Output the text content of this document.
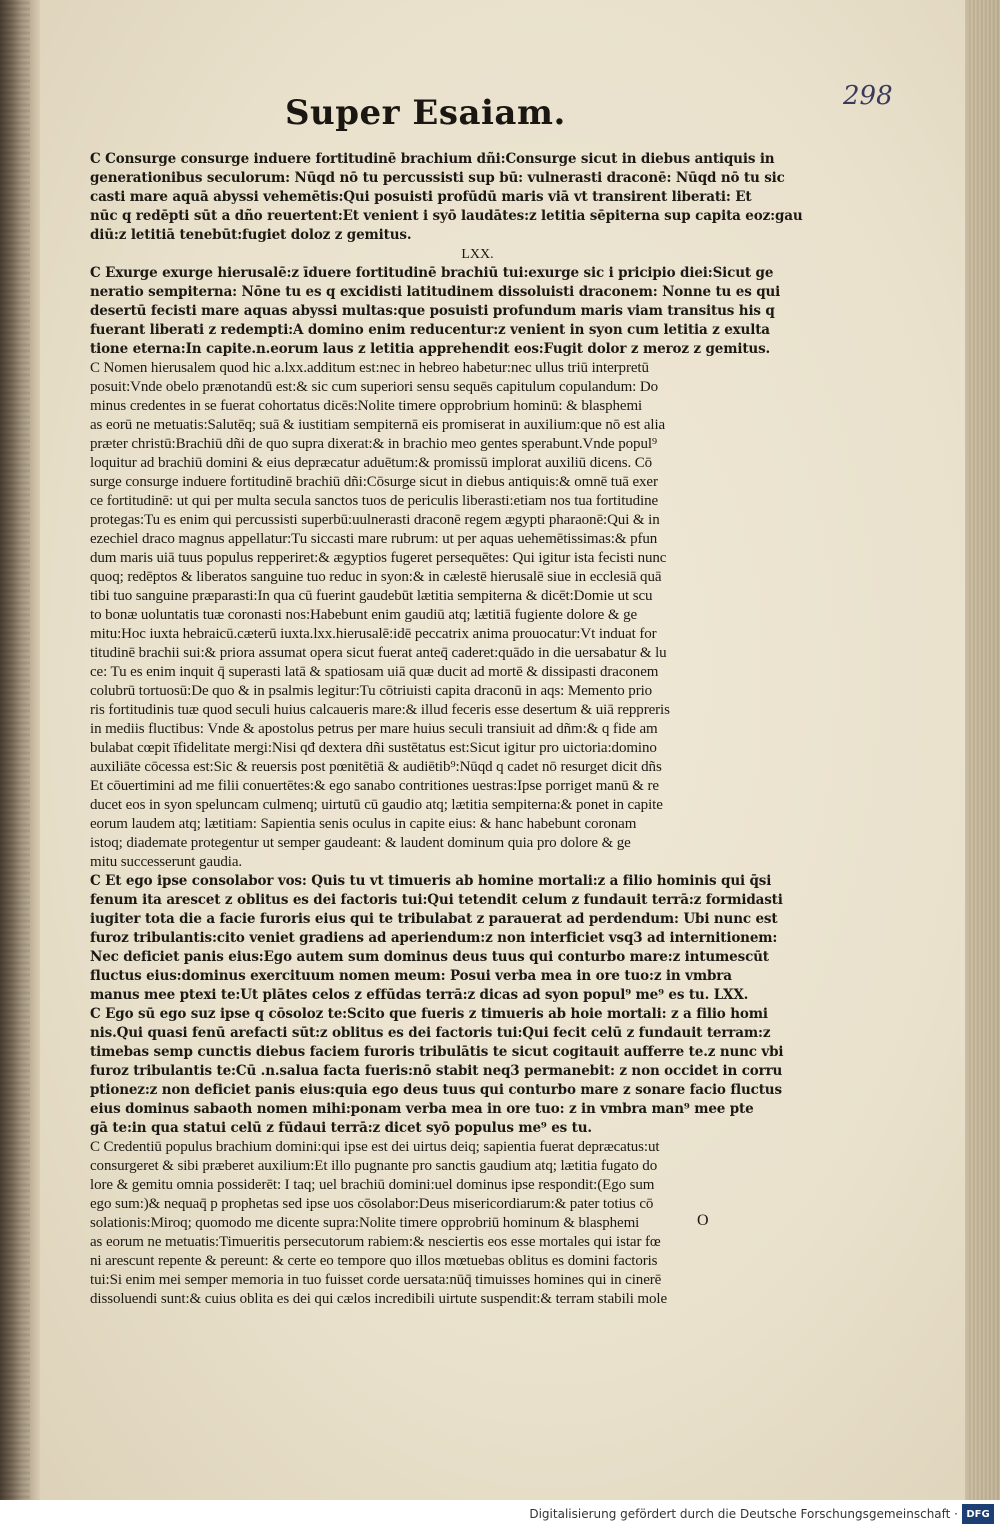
298
Super Esaiam.
C Consurge consurge induere fortitudinē brachium dñi:Consurge sicut in diebus antiquis in
generationibus seculorum: Nūqd nō tu percussisti sup bū: vulnerasti draconē: Nūqd nō tu sic
casti mare aquā abyssi vehemētis:Qui posuisti profūdū maris viā vt transirent liberati: Et
nūc q redēpti sūt a dño reuertent:Et venient i syō laudātes:z letitia sēpiterna sup capita eoz:gau
diū:z letitiā tenebūt:fugiet doloz z gemitus.
LXX.
C Exurge exurge hierusalē:z īduere fortitudinē brachiū tui:exurge sic i pricipio diei:Sicut ge
neratio sempiterna: Nōne tu es q excidisti latitudinem dissoluisti draconem: Nonne tu es qui
desertū fecisti mare aquas abyssi multas:que posuisti profundum maris viam transitus his q
fuerant liberati z redempti:A domino enim reducentur:z venient in syon cum letitia z exulta
tione eterna:In capite.n.eorum laus z letitia apprehendit eos:Fugit dolor z meroz z gemitus.
C Nomen hierusalem quod hic a.lxx.additum est:nec in hebreo habetur:nec ullus triū interpretū
posuit:Vnde obelo prænotandū est:& sic cum superiori sensu sequēs capitulum copulandum: Do
minus credentes in se fuerat cohortatus dicēs:Nolite timere opprobrium hominū: & blasphemi
as eorū ne metuatis:Salutēq; suā & iustitiam sempiternā eis promiserat in auxilium:que nō est alia
præter christū:Brachiū dñi de quo supra dixerat:& in brachio meo gentes sperabunt.Vnde popul⁹
loquitur ad brachiū domini & eius depræcatur aduētum:& promissū implorat auxiliū dicens. Cō
surge consurge induere fortitudinē brachiū dñi:Cōsurge sicut in diebus antiquis:& omnē tuā exer
ce fortitudinē: ut qui per multa secula sanctos tuos de periculis liberasti:etiam nos tua fortitudine
protegas:Tu es enim qui percussisti superbū:uulnerasti draconē regem ægypti pharaonē:Qui & in
ezechiel draco magnus appellatur:Tu siccasti mare rubrum: ut per aquas uehemētissimas:& pfun
dum maris uiā tuus populus repperiret:& ægyptios fugeret persequētes: Qui igitur ista fecisti nunc
quoq; redēptos & liberatos sanguine tuo reduc in syon:& in cælestē hierusalē siue in ecclesiā quā
tibi tuo sanguine præparasti:In qua cū fuerint gaudebūt lætitia sempiterna & dicēt:Domie ut scu
to bonæ uoluntatis tuæ coronasti nos:Habebunt enim gaudiū atq; lætitiā fugiente dolore & ge
mitu:Hoc iuxta hebraicū.cæterū iuxta.lxx.hierusalē:idē peccatrix anima prouocatur:Vt induat for
titudinē brachii sui:& priora assumat opera sicut fuerat anteq̄ caderet:quādo in die uersabatur & lu
ce: Tu es enim inquit q̄ superasti latā & spatiosam uiā quæ ducit ad mortē & dissipasti draconem
colubrū tortuosū:De quo & in psalmis legitur:Tu cōtriuisti capita draconū in aqs: Memento prio
ris fortitudinis tuæ quod seculi huius calcaueris mare:& illud feceris esse desertum & uiā reppreris
in mediis fluctibus: Vnde & apostolus petrus per mare huius seculi transiuit ad dñm:& q fide am
bulabat cœpit īfidelitate mergi:Nisi qđ dextera dñi sustētatus est:Sicut igitur pro uictoria:domino
auxiliāte cōcessa est:Sic & reuersis post pœnitētiā & audiētib⁹:Nūqd q cadet nō resurget dicit dñs
Et cōuertimini ad me filii conuertētes:& ego sanabo contritiones uestras:Ipse porriget manū & re
ducet eos in syon speluncam culmenq; uirtutū cū gaudio atq; lætitia sempiterna:& ponet in capite
eorum laudem atq; lætitiam: Sapientia senis oculus in capite eius: & hanc habebunt coronam
istoq; diademate protegentur ut semper gaudeant: & laudent dominum quia pro dolore & ge
mitu successerunt gaudia.
C Et ego ipse consolabor vos: Quis tu vt timueris ab homine mortali:z a filio hominis qui q̄si
fenum ita arescet z oblitus es dei factoris tui:Qui tetendit celum z fundauit terrā:z formidasti
iugiter tota die a facie furoris eius qui te tribulabat z parauerat ad perdendum: Ubi nunc est
furoz tribulantis:cito veniet gradiens ad aperiendum:z non interficiet vsq3 ad internitionem:
Nec deficiet panis eius:Ego autem sum dominus deus tuus qui conturbo mare:z intumescūt
fluctus eius:dominus exercituum nomen meum: Posui verba mea in ore tuo:z in vmbra
manus mee ptexi te:Ut plātes celos z effūdas terrā:z dicas ad syon popul⁹ me⁹ es tu. LXX.
C Ego sū ego suz ipse q cōsoloz te:Scito que fueris z timueris ab hoie mortali: z a filio homi
nis.Qui quasi fenū arefacti sūt:z oblitus es dei factoris tui:Qui fecit celū z fundauit terram:z
timebas semp cunctis diebus faciem furoris tribulātis te sicut cogitauit aufferre te.z nunc vbi
furoz tribulantis te:Cū .n.salua facta fueris:nō stabit neq3 permanebit: z non occidet in corru
ptionez:z non deficiet panis eius:quia ego deus tuus qui conturbo mare z sonare facio fluctus
eius dominus sabaoth nomen mihi:ponam verba mea in ore tuo: z in vmbra man⁹ mee pte
gā te:in qua statui celū z fūdaui terrā:z dicet syō populus me⁹ es tu.
C Credentiū populus brachium domini:qui ipse est dei uirtus deiq; sapientia fuerat depræcatus:ut
consurgeret & sibi præberet auxilium:Et illo pugnante pro sanctis gaudium atq; lætitia fugato do
lore & gemitu omnia possiderēt: I taq; uel brachiū domini:uel dominus ipse respondit:(Ego sum
ego sum:)& nequaq̄ p prophetas sed ipse uos cōsolabor:Deus misericordiarum:& pater totius cō
solationis:Miroq; quomodo me dicente supra:Nolite timere opprobriū hominum & blasphemi
as eorum ne metuatis:Timueritis persecutorum rabiem:& nesciertis eos esse mortales qui istar fœ
ni arescunt repente & pereunt: & certe eo tempore quo illos mœtuebas oblitus es domini factoris
tui:Si enim mei semper memoria in tuo fuisset corde uersata:nūq̄ timuisses homines qui in cinerē
dissoluendi sunt:& cuius oblita es dei qui cælos incredibili uirtute suspendit:& terram stabili mole
O
Digitalisierung gefördert durch die Deutsche Forschungsgemeinschaft · DFG
